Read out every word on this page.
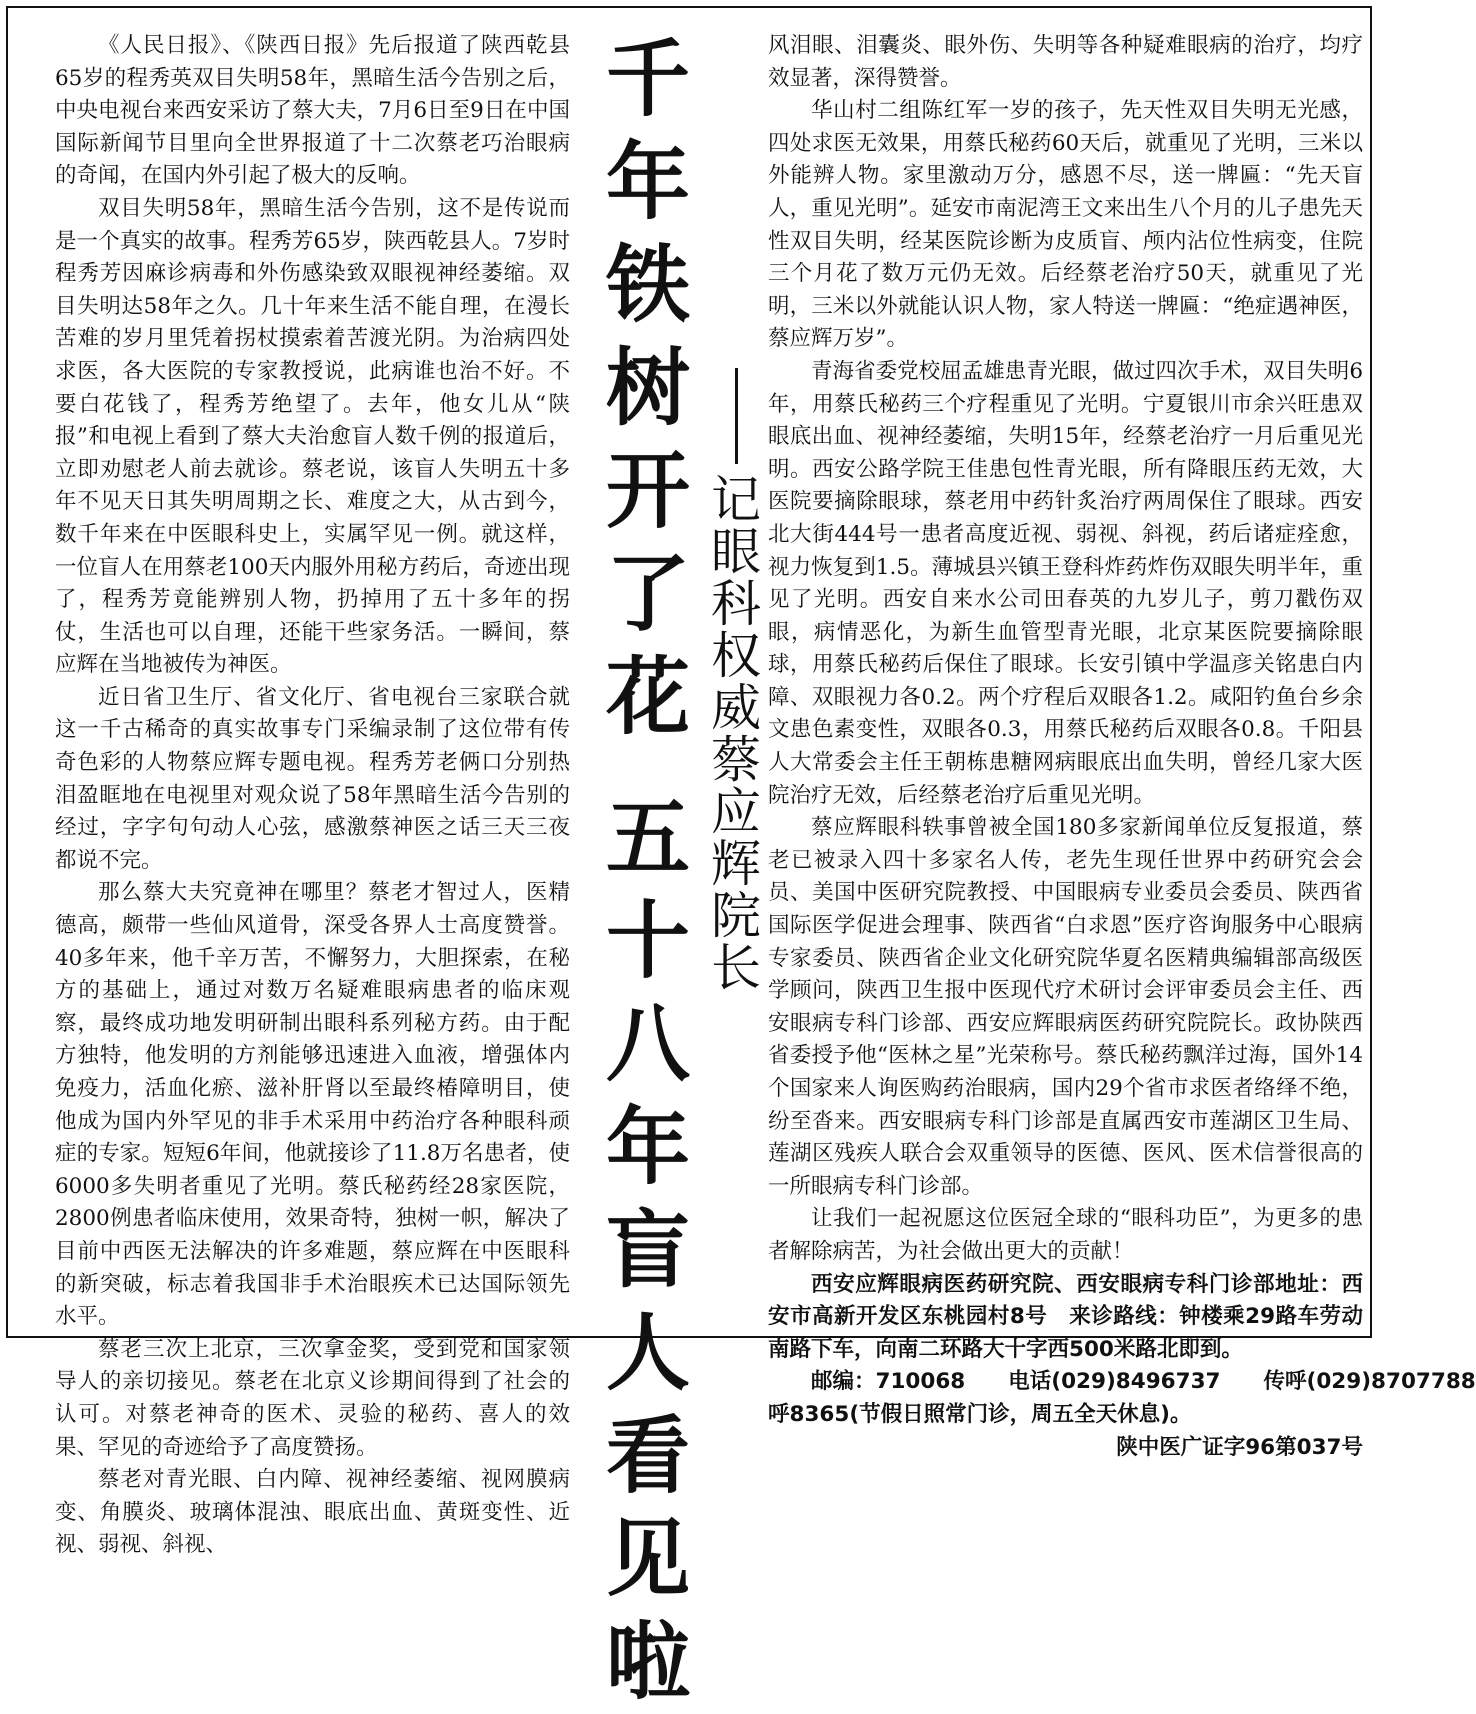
《人民日报》、《陕西日报》先后报道了陕西乾县65岁的程秀英双目失明58年，黑暗生活今告别之后，中央电视台来西安采访了蔡大夫，7月6日至9日在中国国际新闻节目里向全世界报道了十二次蔡老巧治眼病的奇闻，在国内外引起了极大的反响。

双目失明58年，黑暗生活今告别，这不是传说而是一个真实的故事。程秀芳65岁，陕西乾县人。7岁时程秀芳因麻诊病毒和外伤感染致双眼视神经萎缩。双目失明达58年之久。几十年来生活不能自理，在漫长苦难的岁月里凭着拐杖摸索着苦渡光阴。为治病四处求医，各大医院的专家教授说，此病谁也治不好。不要白花钱了，程秀芳绝望了。去年，他女儿从“陕报”和电视上看到了蔡大夫治愈盲人数千例的报道后，立即劝慰老人前去就诊。蔡老说，该盲人失明五十多年不见天日其失明周期之长、难度之大，从古到今，数千年来在中医眼科史上，实属罕见一例。就这样，一位盲人在用蔡老100天内服外用秘方药后，奇迹出现了，程秀芳竟能辨别人物，扔掉用了五十多年的拐仗，生活也可以自理，还能干些家务活。一瞬间，蔡应辉在当地被传为神医。

近日省卫生厅、省文化厅、省电视台三家联合就这一千古稀奇的真实故事专门采编录制了这位带有传奇色彩的人物蔡应辉专题电视。程秀芳老俩口分别热泪盈眶地在电视里对观众说了58年黑暗生活今告别的经过，字字句句动人心弦，感激蔡神医之话三天三夜都说不完。

那么蔡大夫究竟神在哪里？蔡老才智过人，医精德高，颇带一些仙风道骨，深受各界人士高度赞誉。40多年来，他千辛万苦，不懈努力，大胆探索，在秘方的基础上，通过对数万名疑难眼病患者的临床观察，最终成功地发明研制出眼科系列秘方药。由于配方独特，他发明的方剂能够迅速进入血液，增强体内免疫力，活血化瘀、滋补肝肾以至最终椿障明目，使他成为国内外罕见的非手术采用中药治疗各种眼科顽症的专家。短短6年间，他就接诊了11.8万名患者，使6000多失明者重见了光明。蔡氏秘药经28家医院，2800例患者临床使用，效果奇特，独树一帜，解决了目前中西医无法解决的许多难题，蔡应辉在中医眼科的新突破，标志着我国非手术治眼疾术已达国际领先水平。

蔡老三次上北京，三次拿金奖，受到党和国家领导人的亲切接见。蔡老在北京义诊期间得到了社会的认可。对蔡老神奇的医术、灵验的秘药、喜人的效果、罕见的奇迹给予了高度赞扬。

蔡老对青光眼、白内障、视神经萎缩、视网膜病变、角膜炎、玻璃体混浊、眼底出血、黄斑变性、近视、弱视、斜视、

千
年
铁
树
开
了
花
五
十
八
年
盲
人
看
见
啦
记
眼
科
权
威
蔡
应
辉
院
长

风泪眼、泪囊炎、眼外伤、失明等各种疑难眼病的治疗，均疗效显著，深得赞誉。

华山村二组陈红军一岁的孩子，先天性双目失明无光感，四处求医无效果，用蔡氏秘药60天后，就重见了光明，三米以外能辨人物。家里激动万分，感恩不尽，送一牌匾：“先天盲人，重见光明”。延安市南泥湾王文来出生八个月的儿子患先天性双目失明，经某医院诊断为皮质盲、颅内沾位性病变，住院三个月花了数万元仍无效。后经蔡老治疗50天，就重见了光明，三米以外就能认识人物，家人特送一牌匾：“绝症遇神医，蔡应辉万岁”。

青海省委党校屈孟雄患青光眼，做过四次手术，双目失明6年，用蔡氏秘药三个疗程重见了光明。宁夏银川市余兴旺患双眼底出血、视神经萎缩，失明15年，经蔡老治疗一月后重见光明。西安公路学院王佳患包性青光眼，所有降眼压药无效，大医院要摘除眼球，蔡老用中药针炙治疗两周保住了眼球。西安北大街444号一患者高度近视、弱视、斜视，药后诸症痊愈，视力恢复到1.5。薄城县兴镇王登科炸药炸伤双眼失明半年，重见了光明。西安自来水公司田春英的九岁儿子，剪刀戳伤双眼，病情恶化，为新生血管型青光眼，北京某医院要摘除眼球，用蔡氏秘药后保住了眼球。长安引镇中学温彦关铭患白内障、双眼视力各0.2。两个疗程后双眼各1.2。咸阳钓鱼台乡余文患色素变性，双眼各0.3，用蔡氏秘药后双眼各0.8。千阳县人大常委会主任王朝栋患糖网病眼底出血失明，曾经几家大医院治疗无效，后经蔡老治疗后重见光明。

蔡应辉眼科轶事曾被全国180多家新闻单位反复报道，蔡老已被录入四十多家名人传，老先生现任世界中药研究会会员、美国中医研究院教授、中国眼病专业委员会委员、陕西省国际医学促进会理事、陕西省“白求恩”医疗咨询服务中心眼病专家委员、陕西省企业文化研究院华夏名医精典编辑部高级医学顾问，陕西卫生报中医现代疗术研讨会评审委员会主任、西安眼病专科门诊部、西安应辉眼病医药研究院院长。政协陕西省委授予他“医林之星”光荣称号。蔡氏秘药飘洋过海，国外14个国家来人询医购药治眼病，国内29个省市求医者络绎不绝，纷至沓来。西安眼病专科门诊部是直属西安市莲湖区卫生局、莲湖区残疾人联合会双重领导的医德、医风、医术信誉很高的一所眼病专科门诊部。

让我们一起祝愿这位医冠全球的“眼科功臣”，为更多的患者解除病苦，为社会做出更大的贡献！

西安应辉眼病医药研究院、西安眼病专科门诊部地址：西安市高新开发区东桃园村8号　来诊路线：钟楼乘29路车劳动南路下车，向南二环路大十字西500米路北即到。

邮编：710068　　电话(029)8496737　　传呼(029)8707788

呼8365(节假日照常门诊，周五全天休息)。

陕中医广证字96第037号
